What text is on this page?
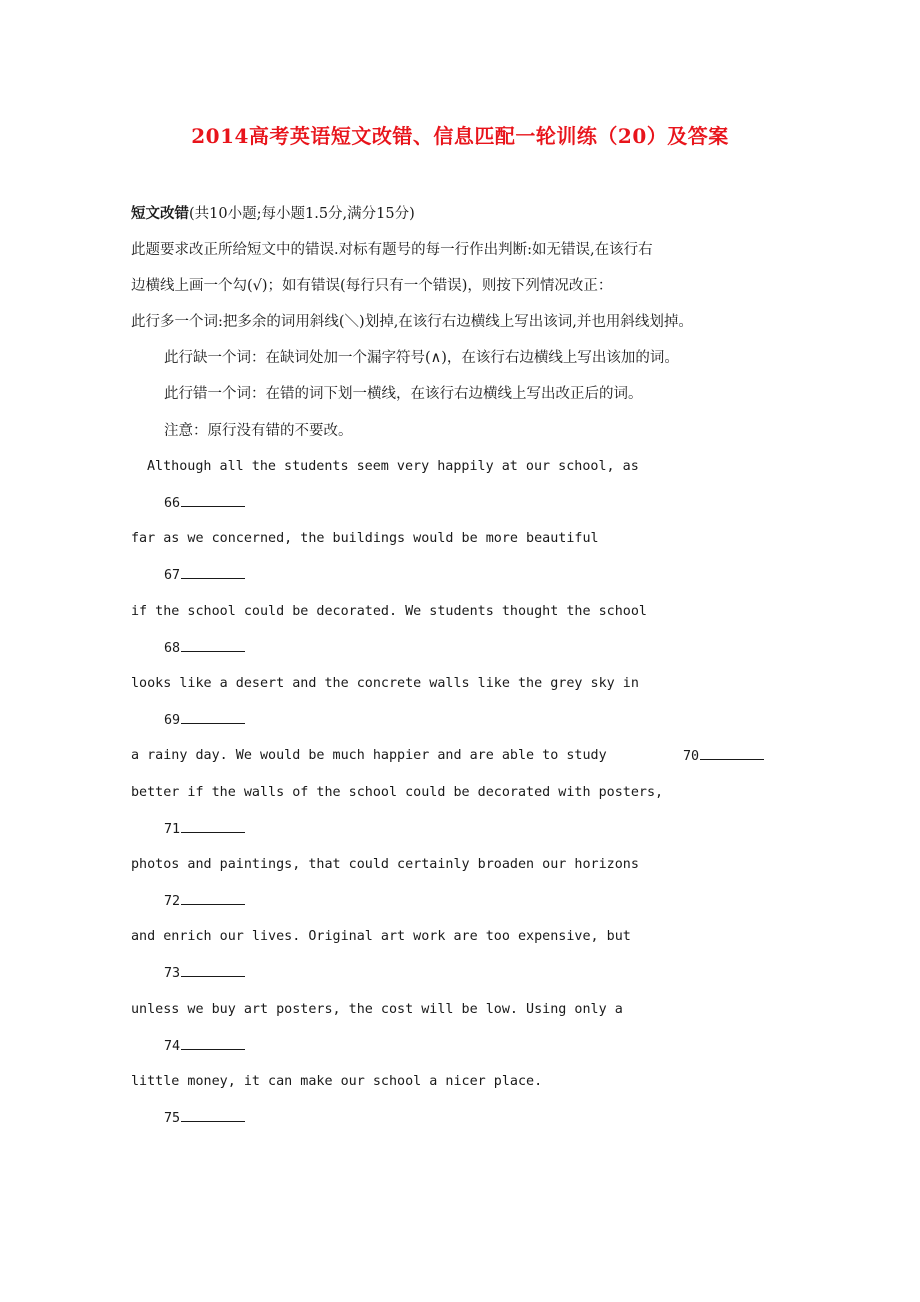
2014高考英语短文改错、信息匹配一轮训练（20）及答案
短文改错(共10小题;每小题1.5分,满分15分)
此题要求改正所给短文中的错误.对标有题号的每一行作出判断:如无错误,在该行右
边横线上画一个勾(√)；如有错误(每行只有一个错误)，则按下列情况改正：
此行多一个词:把多余的词用斜线(＼)划掉,在该行右边横线上写出该词,并也用斜线划掉。
此行缺一个词：在缺词处加一个漏字符号(∧)，在该行右边横线上写出该加的词。
此行错一个词：在错的词下划一横线，在该行右边横线上写出改正后的词。
注意：原行没有错的不要改。
Although all the students seem very happily at our school, as
66
far as we concerned, the buildings would be more beautiful
67
if the school could be decorated. We students thought the school
68
looks like a desert and the concrete walls like the grey sky in
69
a rainy day. We would be much happier and are able to study	70
better if the walls of the school could be decorated with posters,
71
photos and paintings, that could certainly broaden our horizons
72
and enrich our lives. Original art work are too expensive, but
73
unless we buy art posters, the cost will be low. Using only a
74
little money, it can make our school a nicer place.
75
